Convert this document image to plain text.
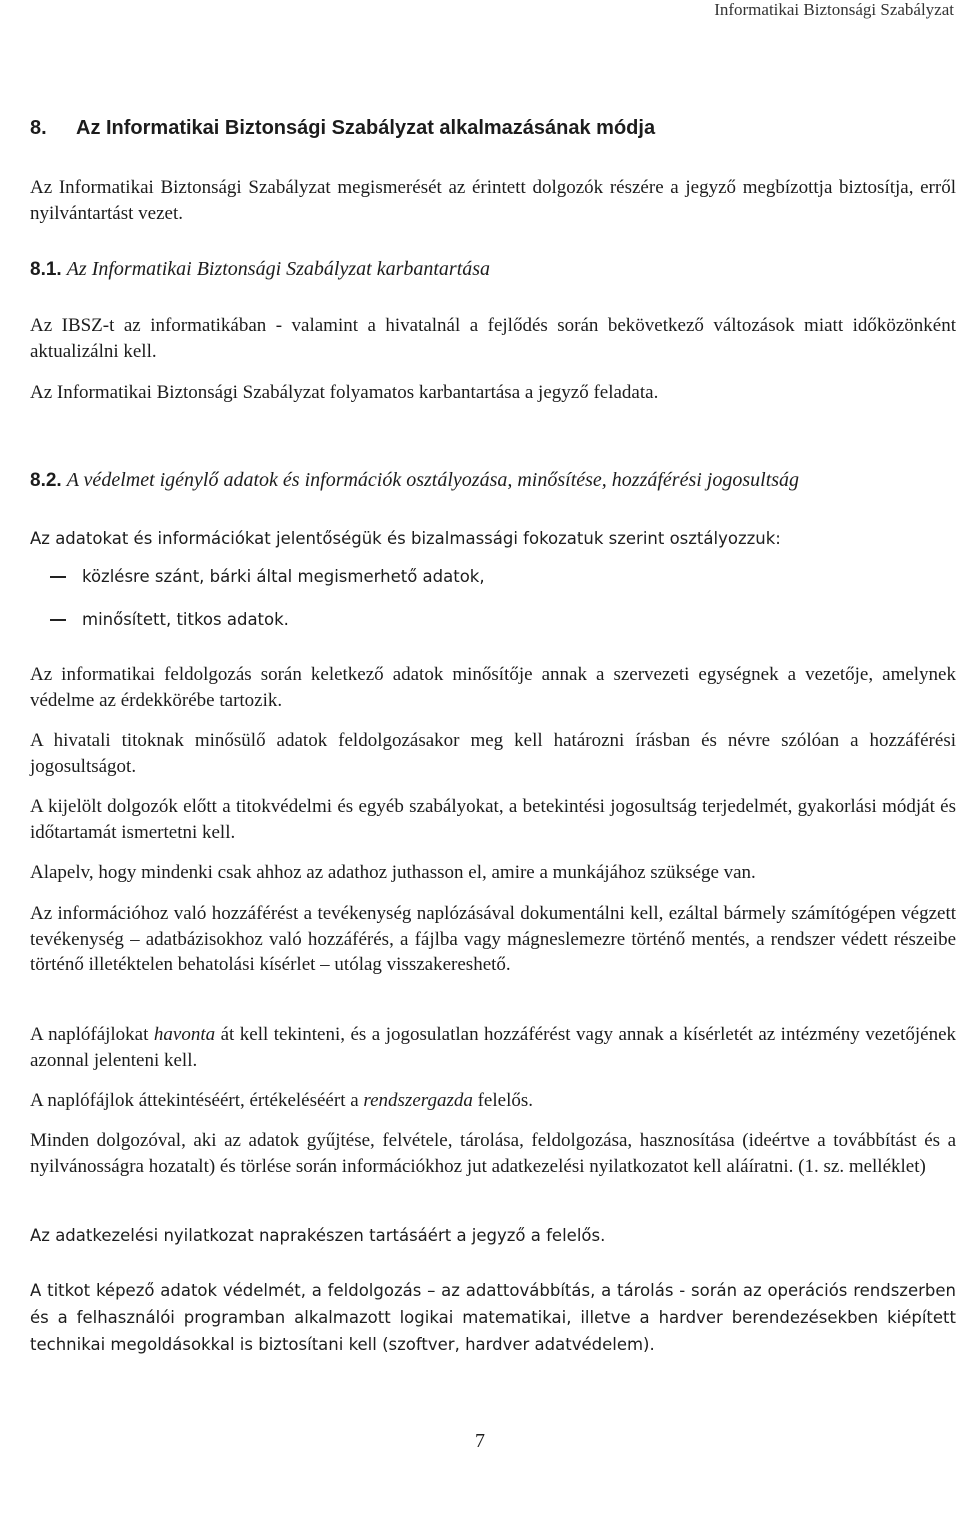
Informatikai Biztonsági Szabályzat
8. Az Informatikai Biztonsági Szabályzat alkalmazásának módja

Az Informatikai Biztonsági Szabályzat megismerését az érintett dolgozók részére a jegyző megbízottja biztosítja, erről nyilvántartást vezet.

8.1. Az Informatikai Biztonsági Szabályzat karbantartása

Az IBSZ-t az informatikában - valamint a hivatalnál a fejlődés során bekövetkező változások miatt időközönként aktualizálni kell.

Az Informatikai Biztonsági Szabályzat folyamatos karbantartása a jegyző feladata.

8.2. A védelmet igénylő adatok és információk osztályozása, minősítése, hozzáférési jogosultság

Az adatokat és információkat jelentőségük és bizalmassági fokozatuk szerint osztályozzuk:

közlésre szánt, bárki által megismerhető adatok,

minősített, titkos adatok.

Az informatikai feldolgozás során keletkező adatok minősítője annak a szervezeti egységnek a vezetője, amelynek védelme az érdekkörébe tartozik.

A hivatali titoknak minősülő adatok feldolgozásakor meg kell határozni írásban és névre szólóan a hozzáférési jogosultságot.

A kijelölt dolgozók előtt a titokvédelmi és egyéb szabályokat, a betekintési jogosultság terjedelmét, gyakorlási módját és időtartamát ismertetni kell.

Alapelv, hogy mindenki csak ahhoz az adathoz juthasson el, amire a munkájához szüksége van.

Az információhoz való hozzáférést a tevékenység naplózásával dokumentálni kell, ezáltal bármely számítógépen végzett tevékenység – adatbázisokhoz való hozzáférés, a fájlba vagy mágneslemezre történő mentés, a rendszer védett részeibe történő illetéktelen behatolási kísérlet – utólag visszakereshető.

A naplófájlokat havonta át kell tekinteni, és a jogosulatlan hozzáférést vagy annak a kísérletét az intézmény vezetőjének azonnal jelenteni kell.

A naplófájlok áttekintéséért, értékeléséért a rendszergazda felelős.

Minden dolgozóval, aki az adatok gyűjtése, felvétele, tárolása, feldolgozása, hasznosítása (ideértve a továbbítást és a nyilvánosságra hozatalt) és törlése során információkhoz jut adatkezelési nyilatkozatot kell aláíratni. (1. sz. melléklet)

Az adatkezelési nyilatkozat naprakészen tartásáért a jegyző a felelős.

A titkot képező adatok védelmét, a feldolgozás – az adattovábbítás, a tárolás - során az operációs rendszerben és a felhasználói programban alkalmazott logikai matematikai, illetve a hardver berendezésekben kiépített technikai megoldásokkal is biztosítani kell (szoftver, hardver adatvédelem).

7
